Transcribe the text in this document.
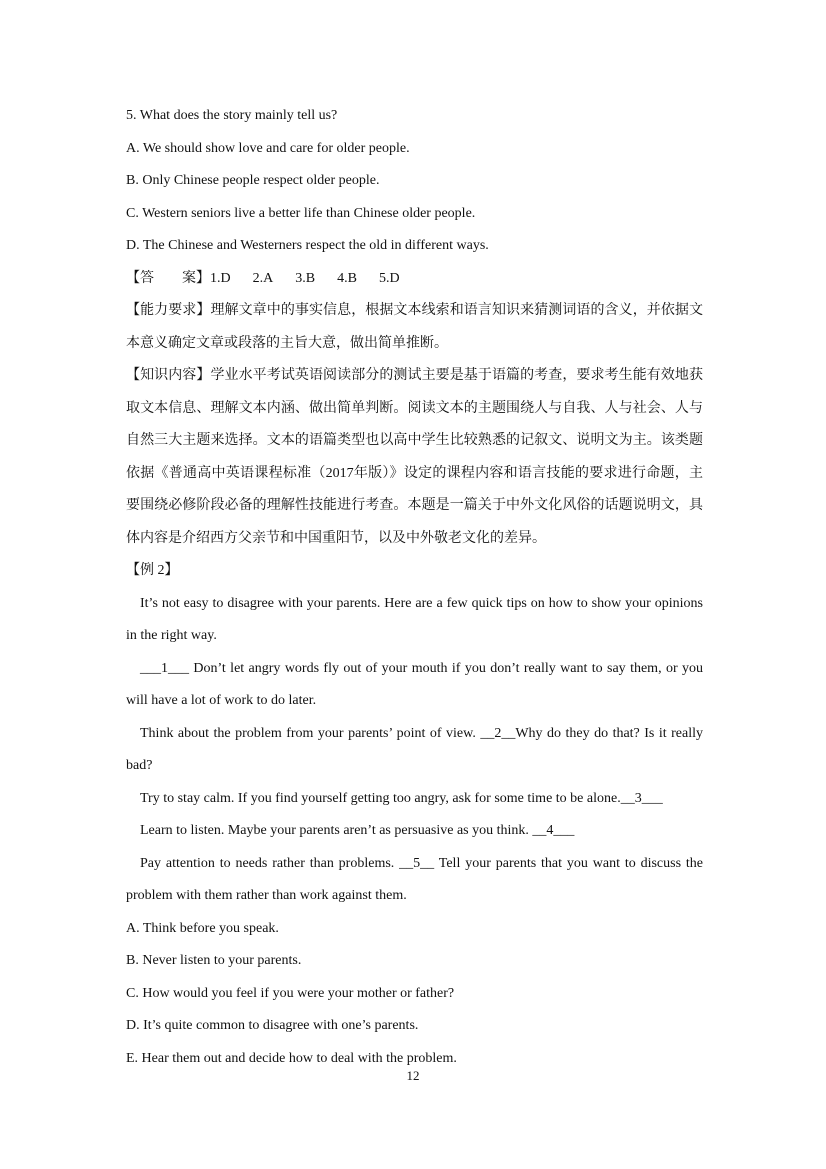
5. What does the story mainly tell us?
A. We should show love and care for older people.
B. Only Chinese people respect older people.
C. Western seniors live a better life than Chinese older people.
D. The Chinese and Westerners respect the old in different ways.
【答　　案】1.D 2.A 3.B 4.B 5.D
【能力要求】理解文章中的事实信息，根据文本线索和语言知识来猜测词语的含义，并依据文本意义确定文章或段落的主旨大意，做出简单推断。
【知识内容】学业水平考试英语阅读部分的测试主要是基于语篇的考查，要求考生能有效地获取文本信息、理解文本内涵、做出简单判断。阅读文本的主题围绕人与自我、人与社会、人与自然三大主题来选择。文本的语篇类型也以高中学生比较熟悉的记叙文、说明文为主。该类题依据《普通高中英语课程标准（2017年版）》设定的课程内容和语言技能的要求进行命题，主要围绕必修阶段必备的理解性技能进行考查。本题是一篇关于中外文化风俗的话题说明文，具体内容是介绍西方父亲节和中国重阳节，以及中外敬老文化的差异。
【例 2】
It’s not easy to disagree with your parents. Here are a few quick tips on how to show your opinions in the right way.
___1___ Don’t let angry words fly out of your mouth if you don’t really want to say them, or you will have a lot of work to do later.
Think about the problem from your parents’ point of view. __2__Why do they do that? Is it really bad?
Try to stay calm. If you find yourself getting too angry, ask for some time to be alone.__3___
Learn to listen. Maybe your parents aren’t as persuasive as you think. __4___
Pay attention to needs rather than problems. __5__ Tell your parents that you want to discuss the problem with them rather than work against them.
A. Think before you speak.
B. Never listen to your parents.
C. How would you feel if you were your mother or father?
D. It’s quite common to disagree with one’s parents.
E. Hear them out and decide how to deal with the problem.
12
